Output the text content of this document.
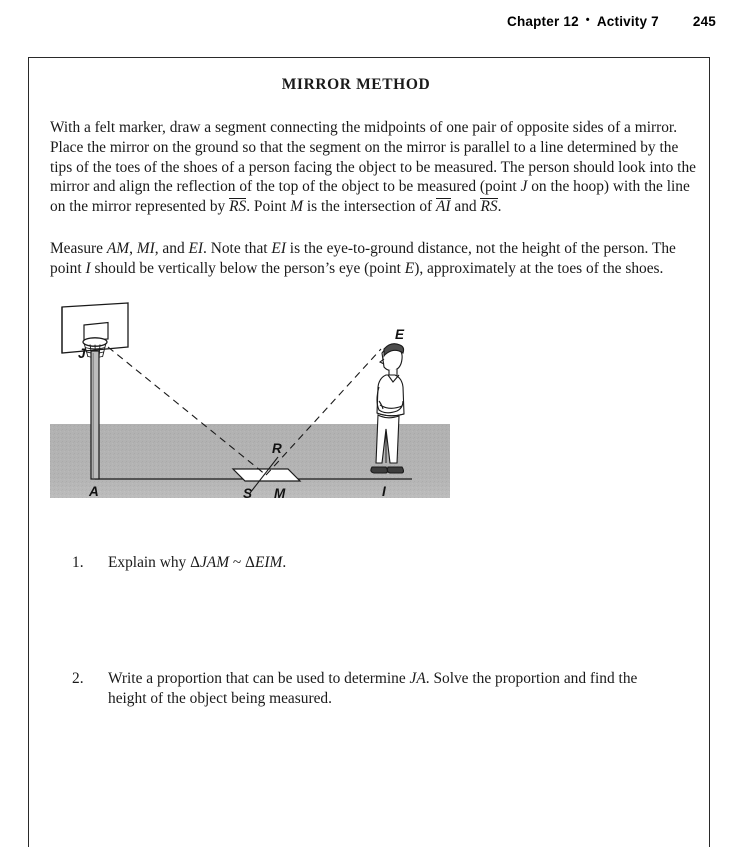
Chapter 12 • Activity 7	245
MIRROR METHOD

With a felt marker, draw a segment connecting the midpoints of one pair of opposite sides of a mirror. Place the mirror on the ground so that the segment on the mirror is parallel to a line determined by the tips of the toes of the shoes of a person facing the object to be measured. The person should look into the mirror and align the reflection of the top of the object to be measured (point J on the hoop) with the line on the mirror represented by RS. Point M is the intersection of AI and RS.

Measure AM, MI, and EI. Note that EI is the eye-to-ground distance, not the height of the person. The point I should be vertically below the person’s eye (point E), approximately at the toes of the shoes.

J
A
R
S M
E
I
1. Explain why ΔJAM ~ ΔEIM.
2. Write a proportion that can be used to determine JA. Solve the proportion and find the height of the object being measured.
